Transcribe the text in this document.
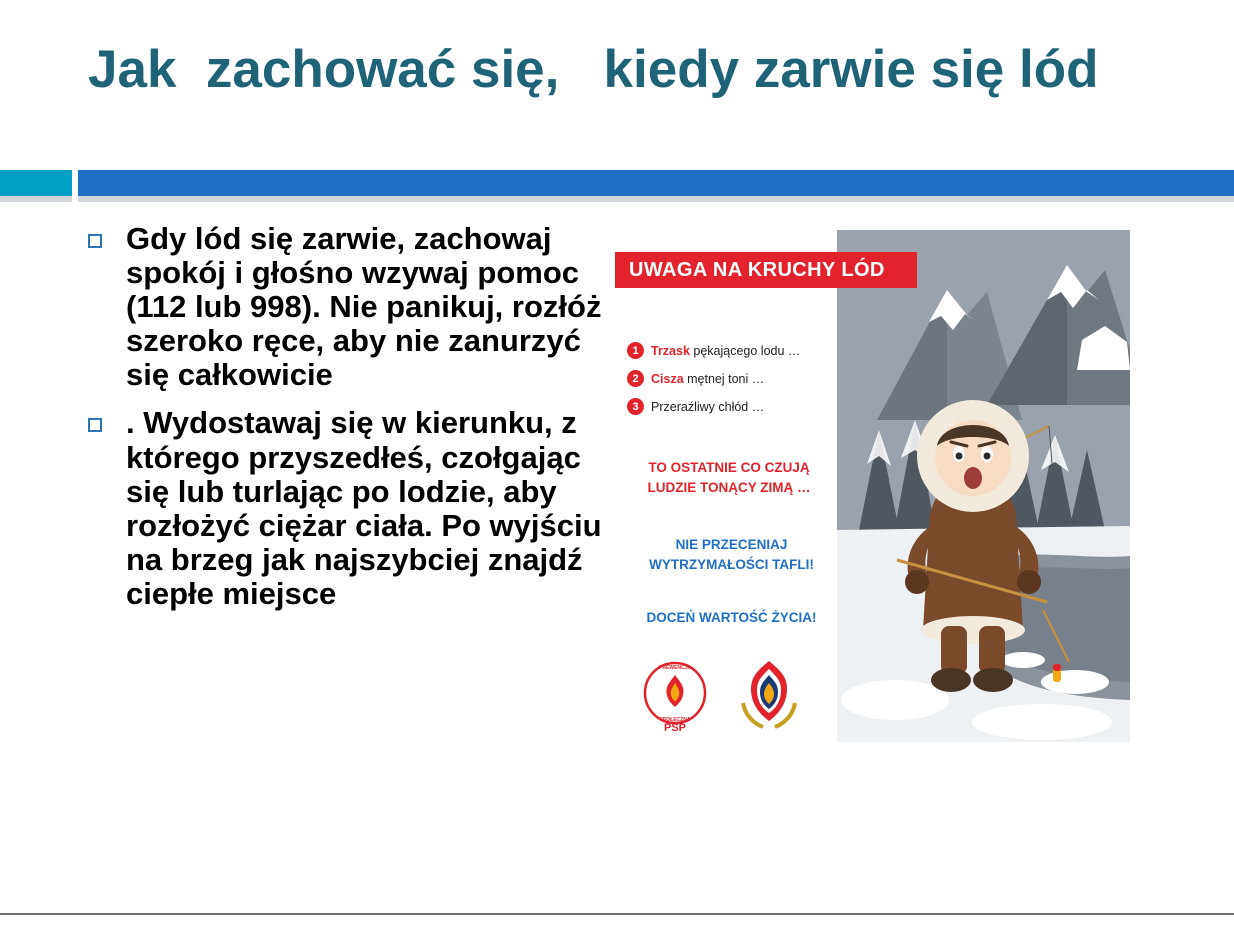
Jak  zachować się,   kiedy zarwie się lód
Gdy lód się zarwie, zachowaj spokój i głośno wzywaj pomoc (112 lub 998). Nie panikuj, rozłóż szeroko ręce, aby nie zanurzyć się całkowicie
. Wydostawaj się w kierunku, z którego przyszedłeś, czołgając się lub turlając po lodzie, aby rozłożyć ciężar ciała. Po wyjściu na brzeg jak najszybciej znajdź ciepłe miejsce
UWAGA NA KRUCHY LÓD
1 Trzask pękającego lodu …
2 Cisza mętnej toni …
3 Przeraźliwy chłód …
TO OSTATNIE CO CZUJĄ LUDZIE TONĄCY ZIMĄ …
NIE PRZECENIAJ WYTRZYMAŁOŚCI TAFLI!
DOCEŃ WARTOŚĆ ŻYCIA!
PREWENCJA
SPOŁECZNA
PSP
